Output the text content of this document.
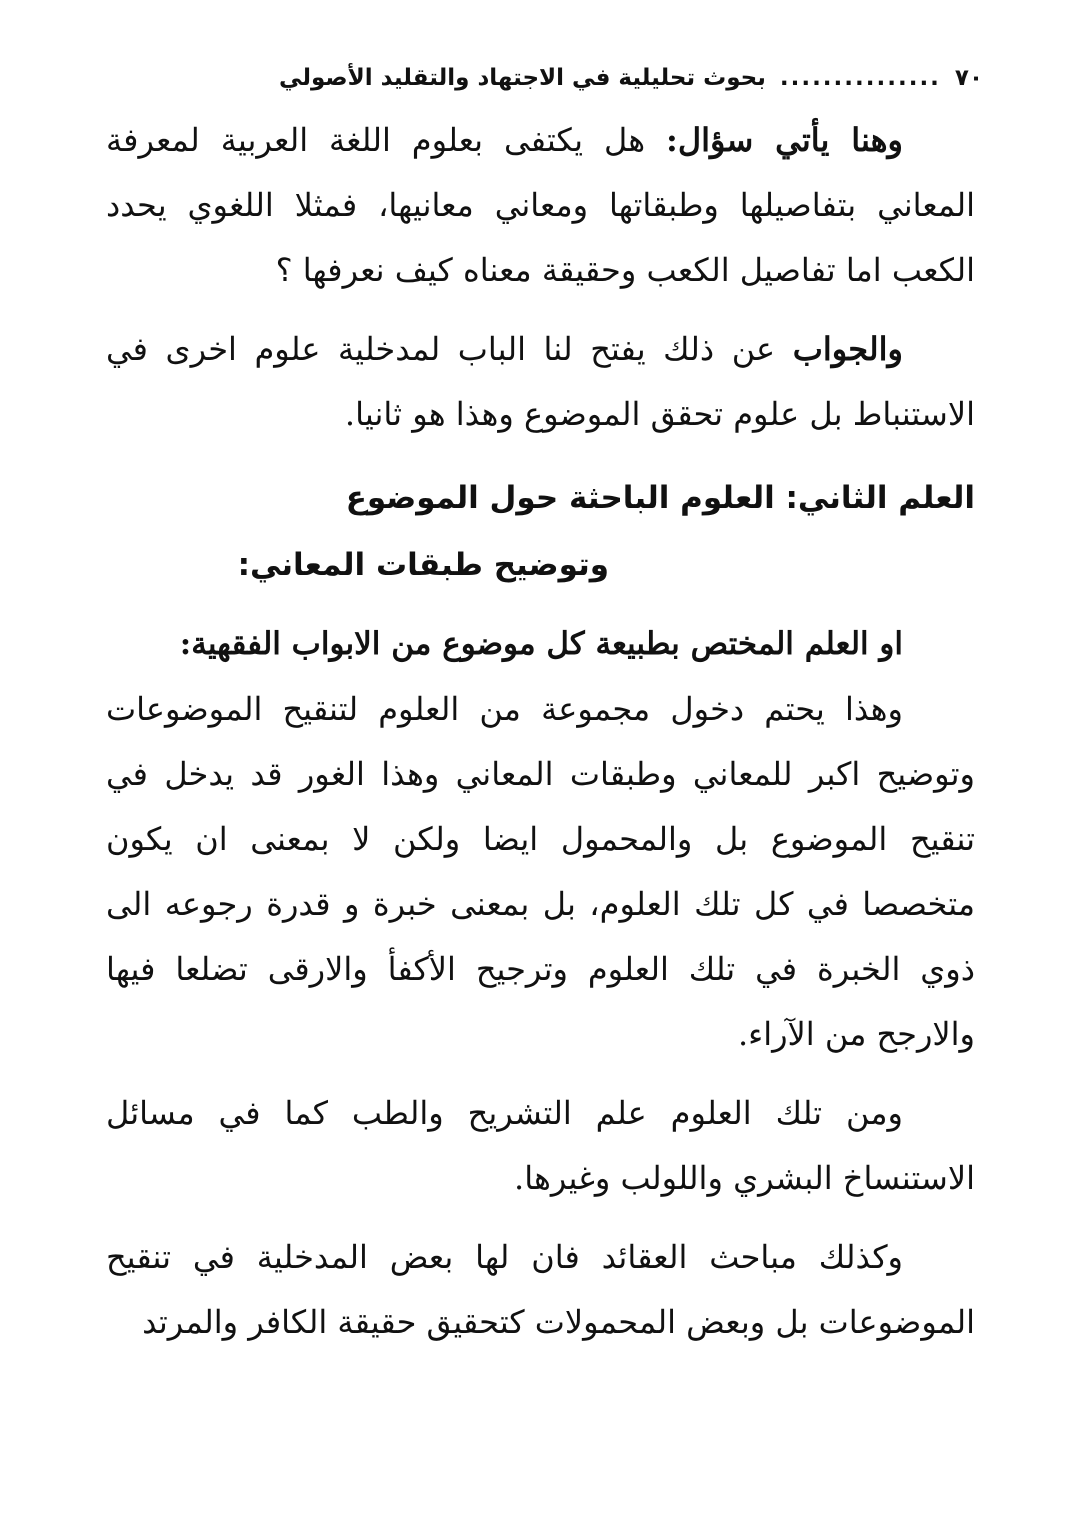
٧٠
...............
بحوث تحليلية في الاجتهاد والتقليد الأصولي

وهنا يأتي سؤال: هل يكتفى بعلوم اللغة العربية لمعرفة المعاني بتفاصيلها وطبقاتها ومعاني معانيها، فمثلا اللغوي يحدد الكعب اما تفاصيل الكعب وحقيقة معناه كيف نعرفها ؟

والجواب عن ذلك يفتح لنا الباب لمدخلية علوم اخرى في الاستنباط بل علوم تحقق الموضوع وهذا هو ثانيا.

العلم الثاني: العلوم الباحثة حول الموضوع
وتوضيح طبقات المعاني:
او العلم المختص بطبيعة كل موضوع من الابواب الفقهية:

وهذا يحتم دخول مجموعة من العلوم لتنقيح الموضوعات وتوضيح اكبر للمعاني وطبقات المعاني وهذا الغور قد يدخل في تنقيح الموضوع بل والمحمول ايضا ولكن لا بمعنى ان يكون متخصصا في كل تلك العلوم، بل بمعنى خبرة و قدرة رجوعه الى ذوي الخبرة في تلك العلوم وترجيح الأكفأ والارقى تضلعا فيها والارجح من الآراء.

ومن تلك العلوم علم التشريح والطب كما في مسائل الاستنساخ البشري واللولب وغيرها.

وكذلك مباحث العقائد فان لها بعض المدخلية في تنقيح الموضوعات بل وبعض المحمولات كتحقيق حقيقة الكافر والمرتد
